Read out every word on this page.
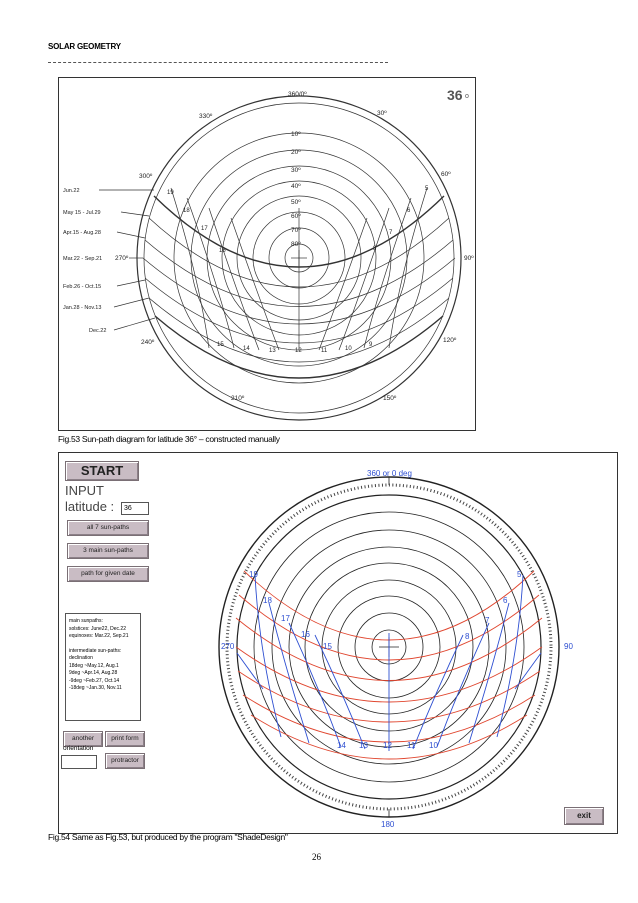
SOLAR GEOMETRY
360/0º
330º	30º
300º	60º
270º	90º
240º	120º
210º	150º
10º
20º
30º
40º
50º
60º
70º
80º
Jun.22
May 15 - Jul.29
Apr.15 - Aug.28
Mar.22 - Sep.21
Feb.26 - Oct.15
Jan.28 - Nov.13
Dec.22
15
14	13	12	11	10
9
19
18
17
16	8
7
6
5
36 o
Fig.53 Sun-path diagram for latitude 36° – constructed manually
START
INPUT
latitude :	36
all 7 sun-paths
3 main sun-paths
path for given date
main sunpaths:
solstices: June22, Dec.22
equinoxes: Mar.22, Sep.21
intermediate sun-paths:
declination
18deg ~May.12, Aug.1
9deg ~Apr.14, Aug.28
-9deg ~Feb.27, Oct.14
-18deg ~Jan.30, Nov.11
another
orientation
print form
protractor
exit
360 or 0 deg
270	90
180
14 13 12 11 10
19
18
17
16
15
5
6
7
8
Fig.54 Same as Fig.53, but produced by the program "ShadeDesign"
26
